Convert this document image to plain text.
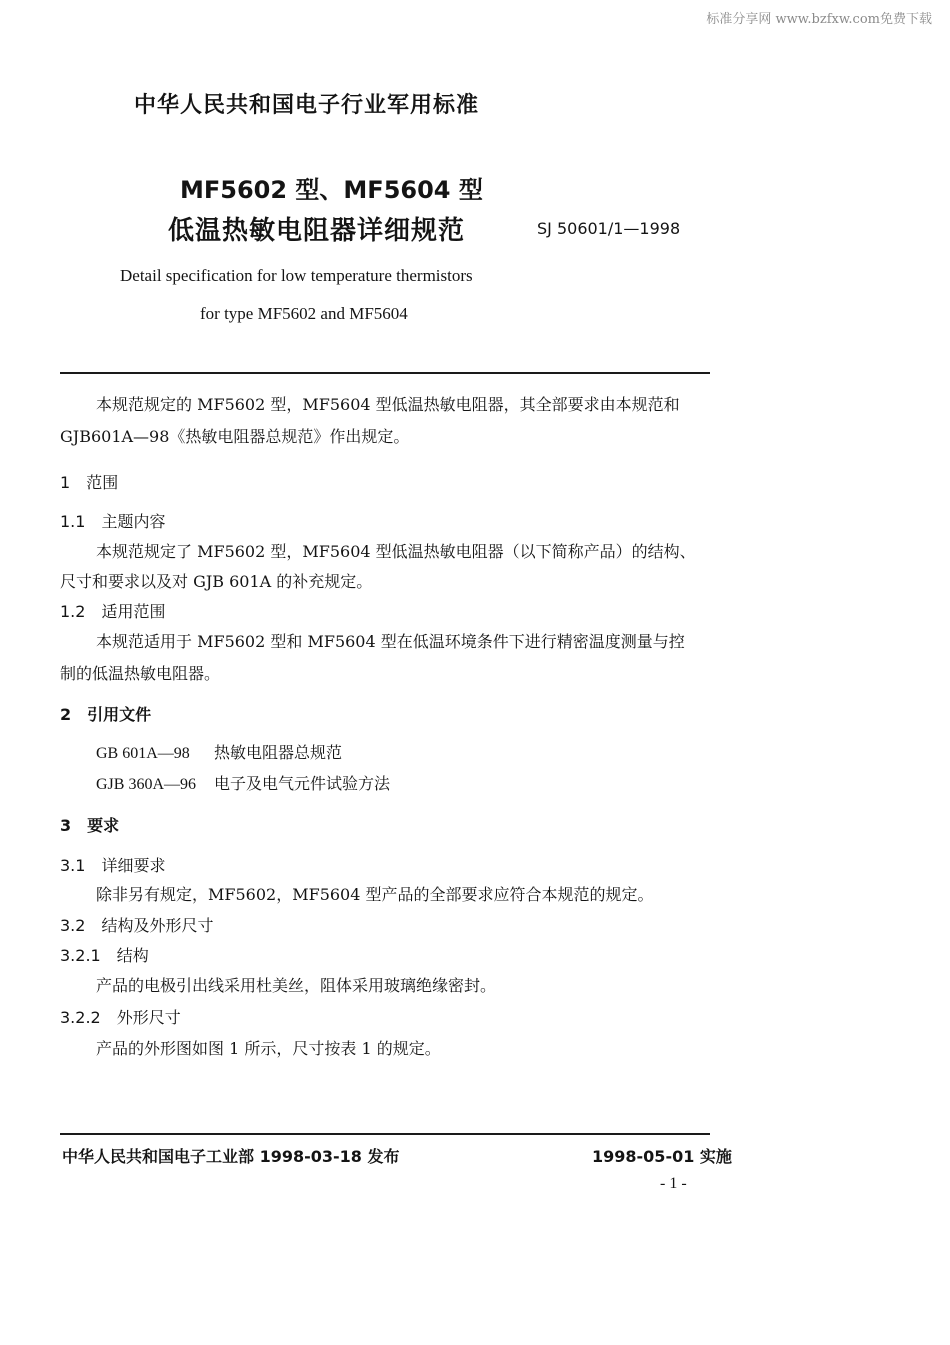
标准分享网 www.bzfxw.com免费下载
中华人民共和国电子行业军用标准
MF5602 型、MF5604 型
低温热敏电阻器详细规范	SJ 50601/1—1998
Detail specification for low temperature thermistors
for type MF5602 and MF5604
本规范规定的 MF5602 型，MF5604 型低温热敏电阻器，其全部要求由本规范和
GJB601A—98《热敏电阻器总规范》作出规定。
1 范围
1.1 主题内容
本规范规定了 MF5602 型，MF5604 型低温热敏电阻器（以下简称产品）的结构、
尺寸和要求以及对 GJB 601A 的补充规定。
1.2 适用范围
本规范适用于 MF5602 型和 MF5604 型在低温环境条件下进行精密温度测量与控
制的低温热敏电阻器。
2 引用文件
GB 601A—98 热敏电阻器总规范
GJB 360A—96 电子及电气元件试验方法
3 要求
3.1 详细要求
除非另有规定，MF5602，MF5604 型产品的全部要求应符合本规范的规定。
3.2 结构及外形尺寸
3.2.1 结构
产品的电极引出线采用杜美丝，阻体采用玻璃绝缘密封。
3.2.2 外形尺寸
产品的外形图如图 1 所示，尺寸按表 1 的规定。
中华人民共和国电子工业部 1998-03-18 发布	1998-05-01 实施
- 1 -
